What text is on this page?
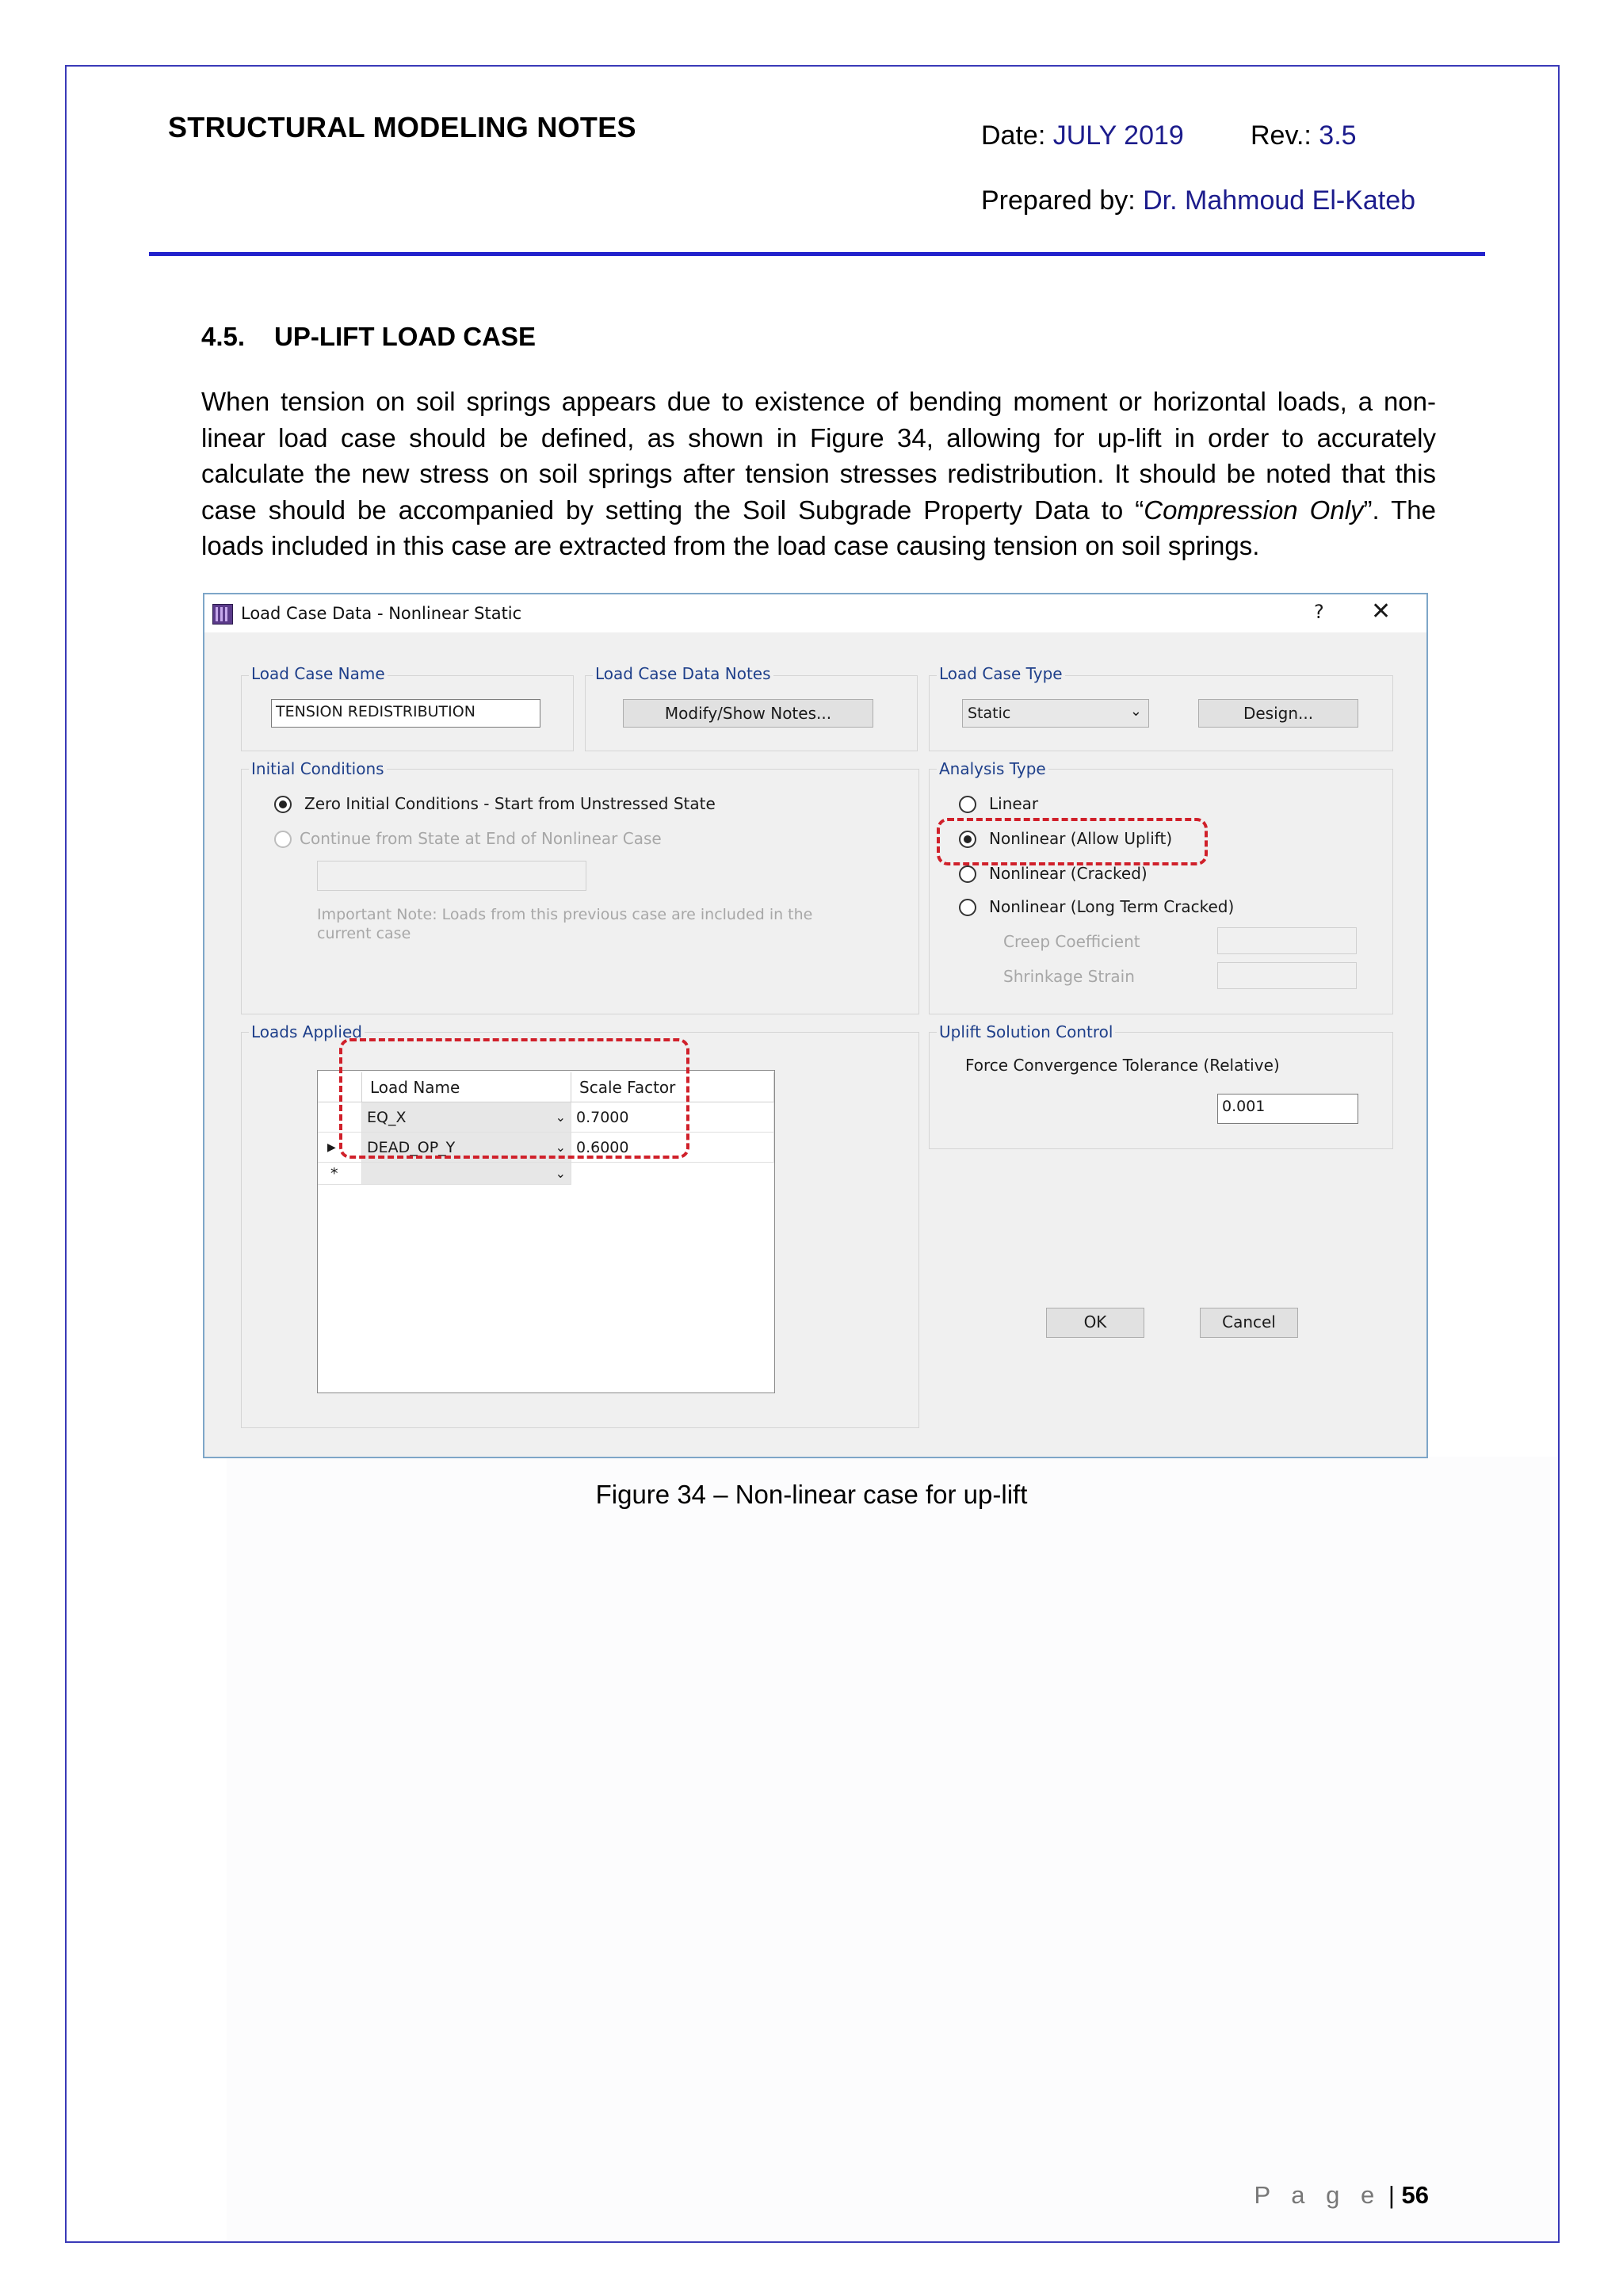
STRUCTURAL MODELING NOTES	Date: JULY 2019 Rev.: 3.5
Prepared by: Dr. Mahmoud El-Kateb
4.5. UP-LIFT LOAD CASE
When tension on soil springs appears due to existence of bending moment or horizontal loads, a non-linear load case should be defined, as shown in Figure 34, allowing for up-lift in order to accurately calculate the new stress on soil springs after tension stresses redistribution. It should be noted that this case should be accompanied by setting the Soil Subgrade Property Data to “Compression Only”. The loads included in this case are extracted from the load case causing tension on soil springs.
Load Case Data - Nonlinear Static	? ✕
Load Case Name
TENSION REDISTRIBUTION
Load Case Data Notes
Modify/Show Notes...
Load Case Type
Static	⌄	Design...
Initial Conditions
Zero Initial Conditions - Start from Unstressed State
Continue from State at End of Nonlinear Case
Important Note: Loads from this previous case are included in the current case
Analysis Type
Linear
Nonlinear (Allow Uplift)
Nonlinear (Cracked)
Nonlinear (Long Term Cracked)
Creep Coefficient
Shrinkage Strain
Loads Applied
Load Name	Scale Factor
EQ_X	⌄ 0.7000
▶	DEAD_OP_Y	⌄ 0.6000
*	⌄
Uplift Solution Control
Force Convergence Tolerance (Relative)
0.001
OK	Cancel
Figure 34 – Non-linear case for up-lift
P a g e | 56
